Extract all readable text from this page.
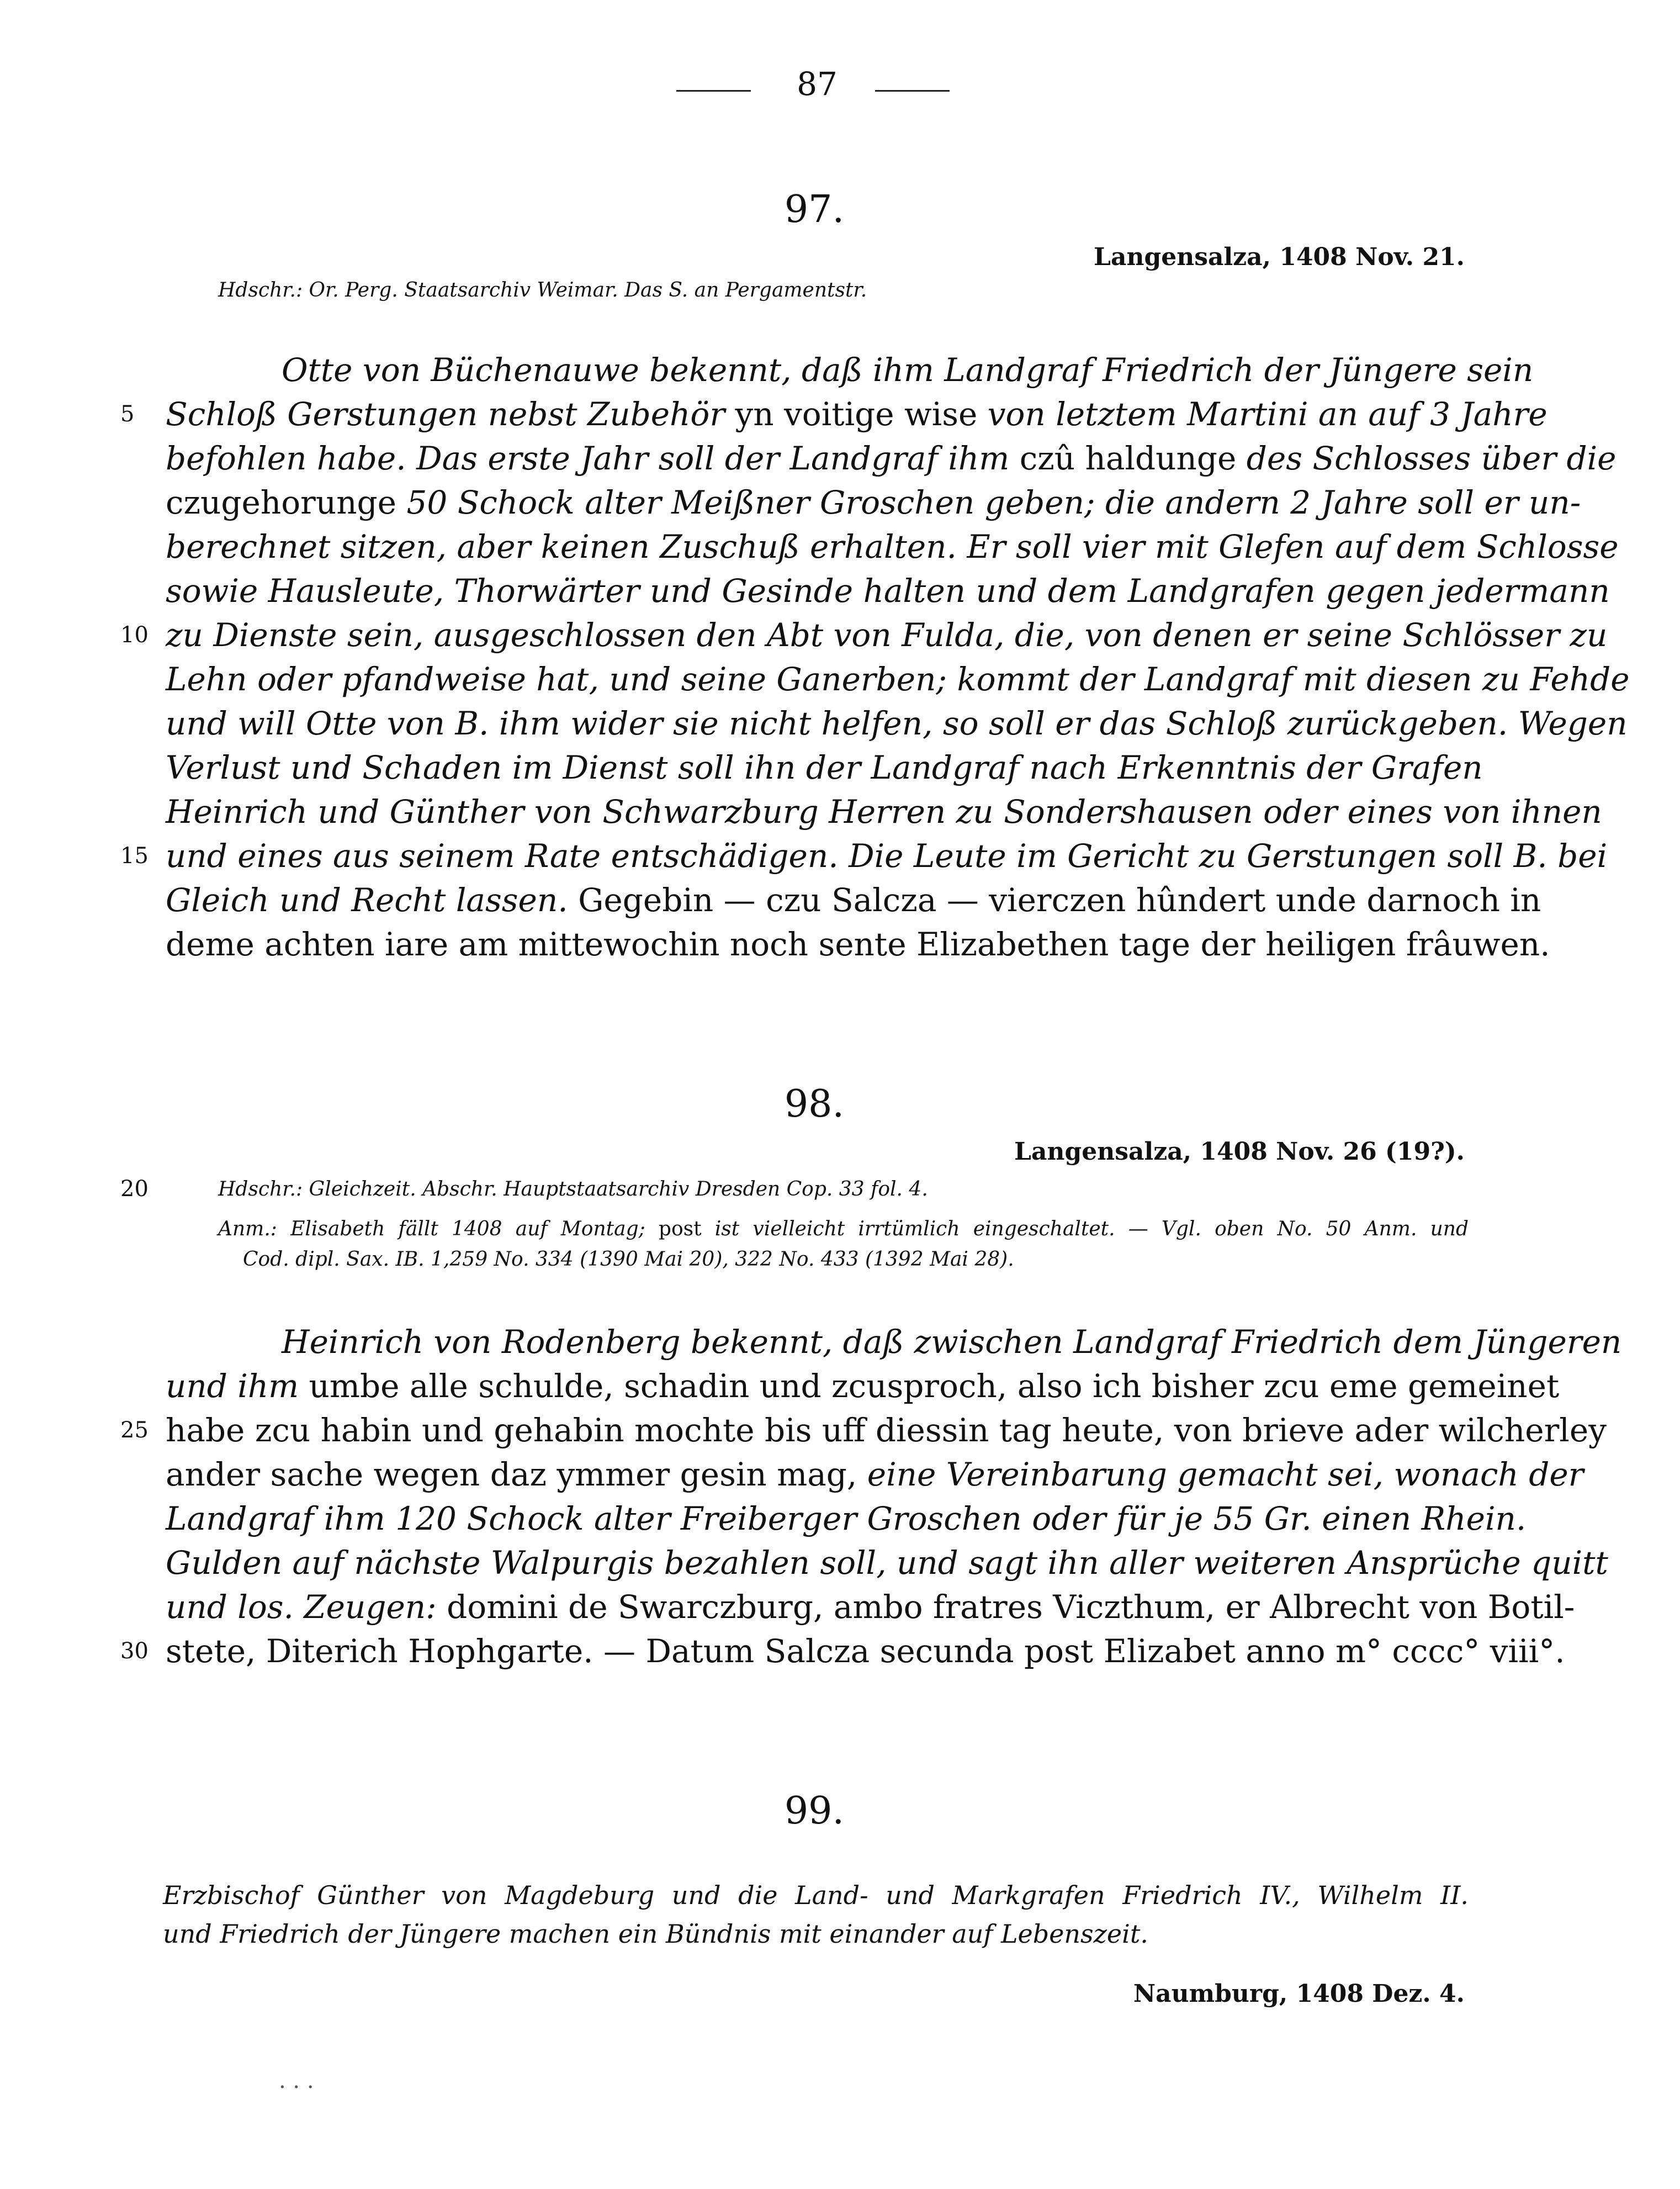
87
97.
Langensalza, 1408 Nov. 21.
Hdschr.: Or. Perg. Staatsarchiv Weimar. Das S. an Pergamentstr.
Otte von Büchenauwe bekennt, daß ihm Landgraf Friedrich der Jüngere sein
5 Schloß Gerstungen nebst Zubehör yn voitige wise von letztem Martini an auf 3 Jahre
befohlen habe. Das erste Jahr soll der Landgraf ihm czû haldunge des Schlosses über die
czugehorunge 50 Schock alter Meißner Groschen geben; die andern 2 Jahre soll er un-
berechnet sitzen, aber keinen Zuschuß erhalten. Er soll vier mit Glefen auf dem Schlosse
sowie Hausleute, Thorwärter und Gesinde halten und dem Landgrafen gegen jedermann
10 zu Dienste sein, ausgeschlossen den Abt von Fulda, die, von denen er seine Schlösser zu
Lehn oder pfandweise hat, und seine Ganerben; kommt der Landgraf mit diesen zu Fehde
und will Otte von B. ihm wider sie nicht helfen, so soll er das Schloß zurückgeben. Wegen
Verlust und Schaden im Dienst soll ihn der Landgraf nach Erkenntnis der Grafen
Heinrich und Günther von Schwarzburg Herren zu Sondershausen oder eines von ihnen
15 und eines aus seinem Rate entschädigen. Die Leute im Gericht zu Gerstungen soll B. bei
Gleich und Recht lassen. Gegebin — czu Salcza — vierczen hûndert unde darnoch in
deme achten iare am mittewochin noch sente Elizabethen tage der heiligen frâuwen.
98.
Langensalza, 1408 Nov. 26 (19?).
20	Hdschr.: Gleichzeit. Abschr. Hauptstaatsarchiv Dresden Cop. 33 fol. 4.
Anm.: Elisabeth fällt 1408 auf Montag; post ist vielleicht irrtümlich eingeschaltet. — Vgl. oben No. 50 Anm. und
Cod. dipl. Sax. IB. 1,259 No. 334 (1390 Mai 20), 322 No. 433 (1392 Mai 28).
Heinrich von Rodenberg bekennt, daß zwischen Landgraf Friedrich dem Jüngeren
und ihm umbe alle schulde, schadin und zcusproch, also ich bisher zcu eme gemeinet
25 habe zcu habin und gehabin mochte bis uff diessin tag heute, von brieve ader wilcherley
ander sache wegen daz ymmer gesin mag, eine Vereinbarung gemacht sei, wonach der
Landgraf ihm 120 Schock alter Freiberger Groschen oder für je 55 Gr. einen Rhein.
Gulden auf nächste Walpurgis bezahlen soll, und sagt ihn aller weiteren Ansprüche quitt
und los. Zeugen: domini de Swarczburg, ambo fratres Viczthum, er Albrecht von Botil-
30 stete, Diterich Hophgarte. — Datum Salcza secunda post Elizabet anno m° cccc° viii°.
99.
Erzbischof Günther von Magdeburg und die Land- und Markgrafen Friedrich IV., Wilhelm II.
und Friedrich der Jüngere machen ein Bündnis mit einander auf Lebenszeit.
Naumburg, 1408 Dez. 4.
. . .
